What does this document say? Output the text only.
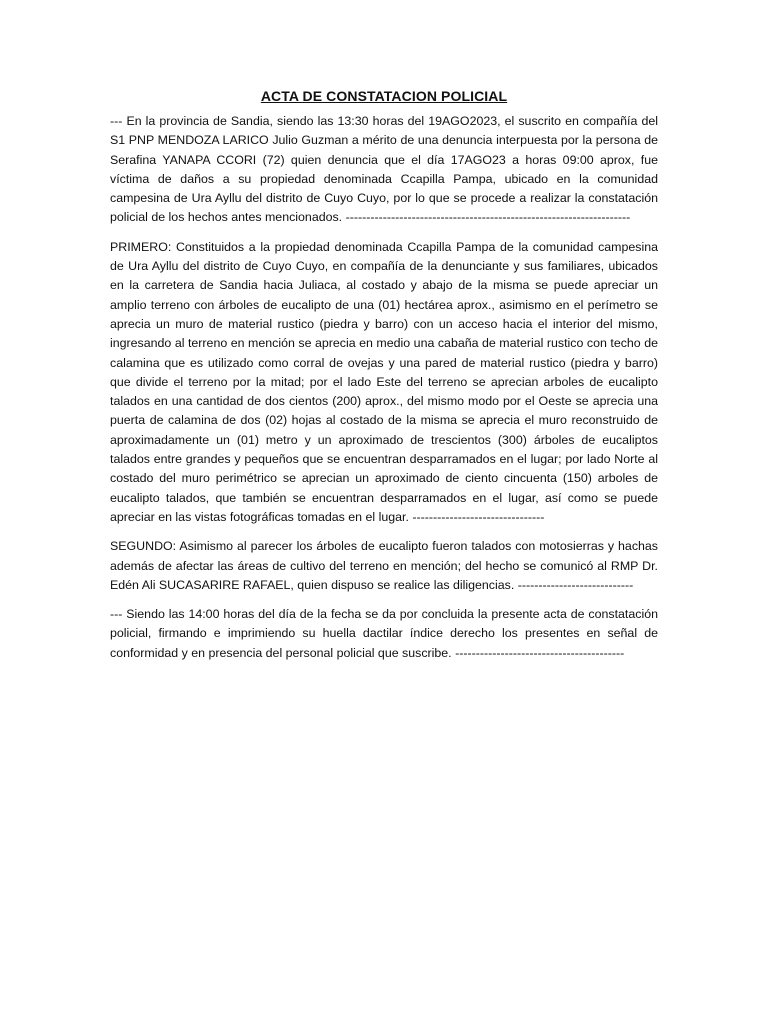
ACTA DE CONSTATACION POLICIAL

--- En la provincia de Sandia, siendo las 13:30 horas del 19AGO2023, el suscrito en compañía del S1 PNP MENDOZA LARICO Julio Guzman a mérito de una denuncia interpuesta por la persona de Serafina YANAPA CCORI (72) quien denuncia que el día 17AGO23 a horas 09:00 aprox, fue víctima de daños a su propiedad denominada Ccapilla Pampa, ubicado en la comunidad campesina de Ura Ayllu del distrito de Cuyo Cuyo, por lo que se procede a realizar la constatación policial de los hechos antes mencionados. ---------------------------------------------------------------------

PRIMERO: Constituidos a la propiedad denominada Ccapilla Pampa de la comunidad campesina de Ura Ayllu del distrito de Cuyo Cuyo, en compañía de la denunciante y sus familiares, ubicados en la carretera de Sandia hacia Juliaca, al costado y abajo de la misma se puede apreciar un amplio terreno con árboles de eucalipto de una (01) hectárea aprox., asimismo en el perímetro se aprecia un muro de material rustico (piedra y barro) con un acceso hacia el interior del mismo, ingresando al terreno en mención se aprecia en medio una cabaña de material rustico con techo de calamina que es utilizado como corral de ovejas y una pared de material rustico (piedra y barro) que divide el terreno por la mitad; por el lado Este del terreno se aprecian arboles de eucalipto talados en una cantidad de dos cientos (200) aprox., del mismo modo por el Oeste se aprecia una puerta de calamina de dos (02) hojas al costado de la misma se aprecia el muro reconstruido de aproximadamente un (01) metro y un aproximado de trescientos (300) árboles de eucaliptos talados entre grandes y pequeños que se encuentran desparramados en el lugar; por lado Norte al costado del muro perimétrico se aprecian un aproximado de ciento cincuenta (150) arboles de eucalipto talados, que también se encuentran desparramados en el lugar, así como se puede apreciar en las vistas fotográficas tomadas en el lugar. --------------------------------

SEGUNDO: Asimismo al parecer los árboles de eucalipto fueron talados con motosierras y hachas además de afectar las áreas de cultivo del terreno en mención; del hecho se comunicó al RMP Dr. Edén Ali SUCASARIRE RAFAEL, quien dispuso se realice las diligencias. ----------------------------

--- Siendo las 14:00 horas del día de la fecha se da por concluida la presente acta de constatación policial, firmando e imprimiendo su huella dactilar índice derecho los presentes en señal de conformidad y en presencia del personal policial que suscribe. -----------------------------------------
